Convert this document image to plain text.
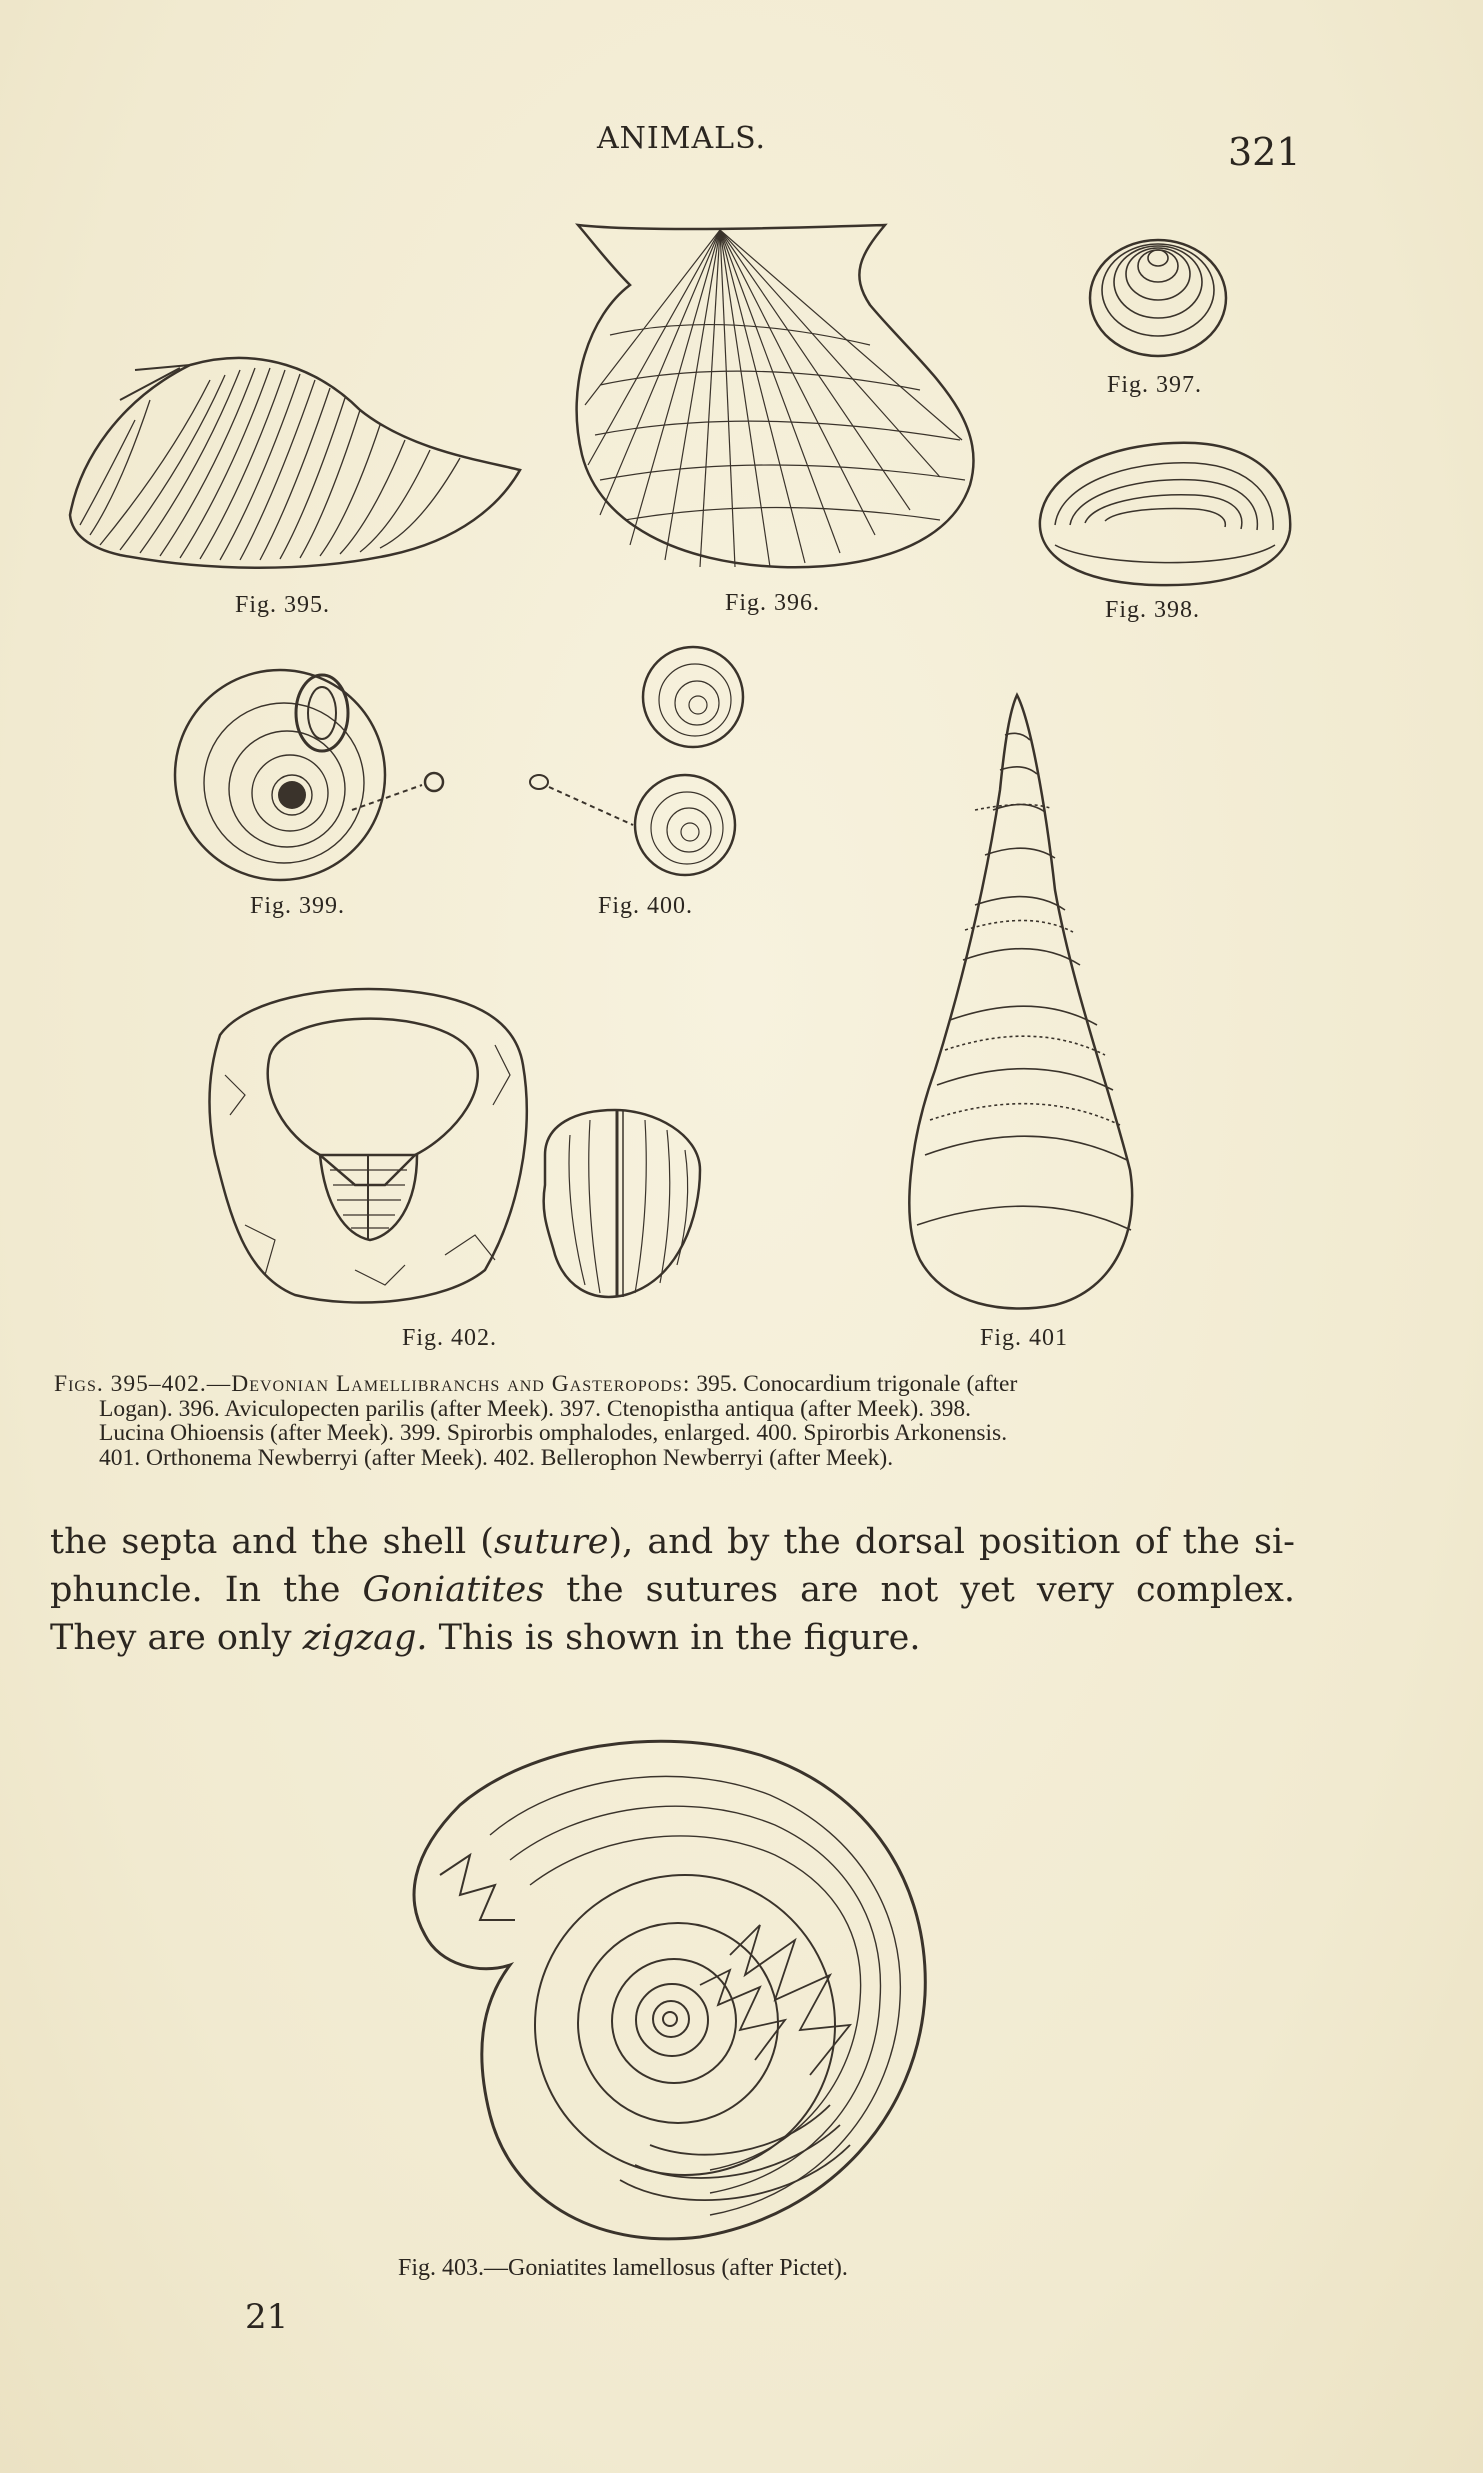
ANIMALS.	321
Fig. 395.	Fig. 396.
Fig. 397.
Fig. 398.
Fig. 399.	Fig. 400.
Fig. 401
Fig. 402.
Figs. 395–402.—Devonian Lamellibranchs and Gasteropods: 395. Conocardium trigonale (after
Logan). 396. Aviculopecten parilis (after Meek). 397. Ctenopistha antiqua (after Meek). 398.
Lucina Ohioensis (after Meek). 399. Spirorbis omphalodes, enlarged. 400. Spirorbis Arkonensis.
401. Orthonema Newberryi (after Meek). 402. Bellerophon Newberryi (after Meek).
the septa and the shell (suture), and by the dorsal position of the si-
phuncle. In the Goniatites the sutures are not yet very complex.
They are only zigzag. This is shown in the figure.
Fig. 403.—Goniatites lamellosus (after Pictet).
21
